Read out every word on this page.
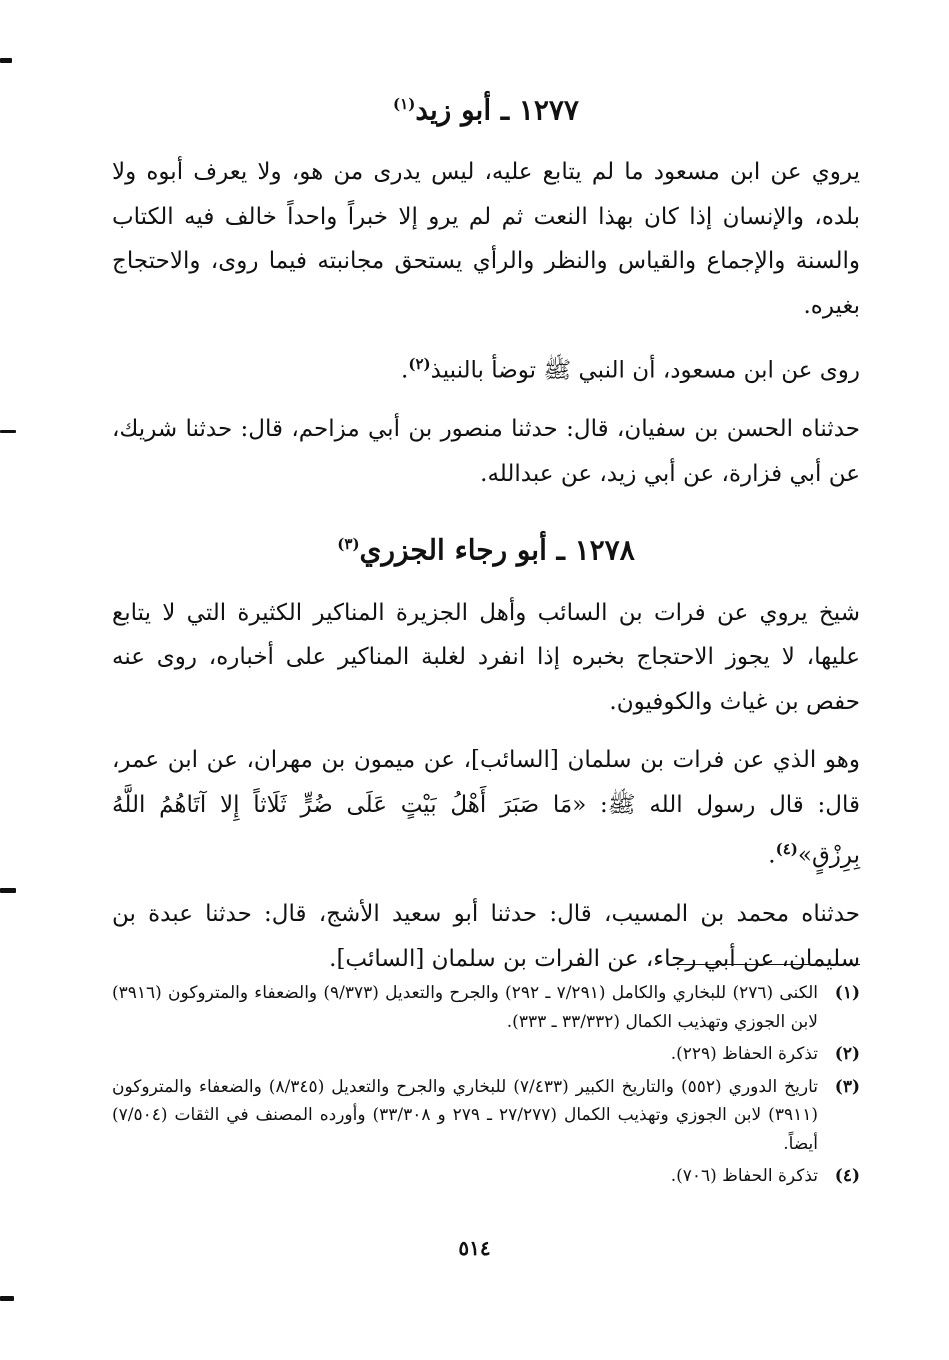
١٢٧٧ ـ أبو زيد$^{(١)}$

يروي عن ابن مسعود ما لم يتابع عليه، ليس يدرى من هو، ولا يعرف أبوه ولا بلده، والإنسان إذا كان بهذا النعت ثم لم يرو إلا خبراً واحداً خالف فيه الكتاب والسنة والإجماع والقياس والنظر والرأي يستحق مجانبته فيما روى، والاحتجاج بغيره.

روى عن ابن مسعود، أن النبي ﷺ توضأ بالنبيذ$^{(٢)}$.

حدثناه الحسن بن سفيان، قال: حدثنا منصور بن أبي مزاحم، قال: حدثنا شريك، عن أبي فزارة، عن أبي زيد، عن عبدالله.

١٢٧٨ ـ أبو رجاء الجزري$^{(٣)}$

شيخ يروي عن فرات بن السائب وأهل الجزيرة المناكير الكثيرة التي لا يتابع عليها، لا يجوز الاحتجاج بخبره إذا انفرد لغلبة المناكير على أخباره، روى عنه حفص بن غياث والكوفيون.

وهو الذي عن فرات بن سلمان [السائب]، عن ميمون بن مهران، عن ابن عمر، قال: قال رسول الله ﷺ: «مَا صَبَرَ أَهْلُ بَيْتٍ عَلَى ضُرٍّ ثَلَاثاً إِلا آتَاهُمُ اللَّهُ بِرِزْقٍ»$^{(٤)}$.

حدثناه محمد بن المسيب، قال: حدثنا أبو سعيد الأشج، قال: حدثنا عبدة بن سليمان، عن أبي رجاء، عن الفرات بن سلمان [السائب].

(١)
الكنى (٢٧٦) للبخاري والكامل (٧/٢٩١ ـ ٢٩٢) والجرح والتعديل (٩/٣٧٣) والضعفاء والمتروكون (٣٩١٦) لابن الجوزي وتهذيب الكمال (٣٣/٣٣٢ ـ ٣٣٣).
(٢)
تذكرة الحفاظ (٢٢٩).
(٣)
تاريخ الدوري (٥٥٢) والتاريخ الكبير (٧/٤٣٣) للبخاري والجرح والتعديل (٨/٣٤٥) والضعفاء والمتروكون (٣٩١١) لابن الجوزي وتهذيب الكمال (٢٧/٢٧٧ ـ ٢٧٩ و ٣٣/٣٠٨) وأورده المصنف في الثقات (٧/٥٠٤) أيضاً.
(٤)
تذكرة الحفاظ (٧٠٦).
٥١٤
